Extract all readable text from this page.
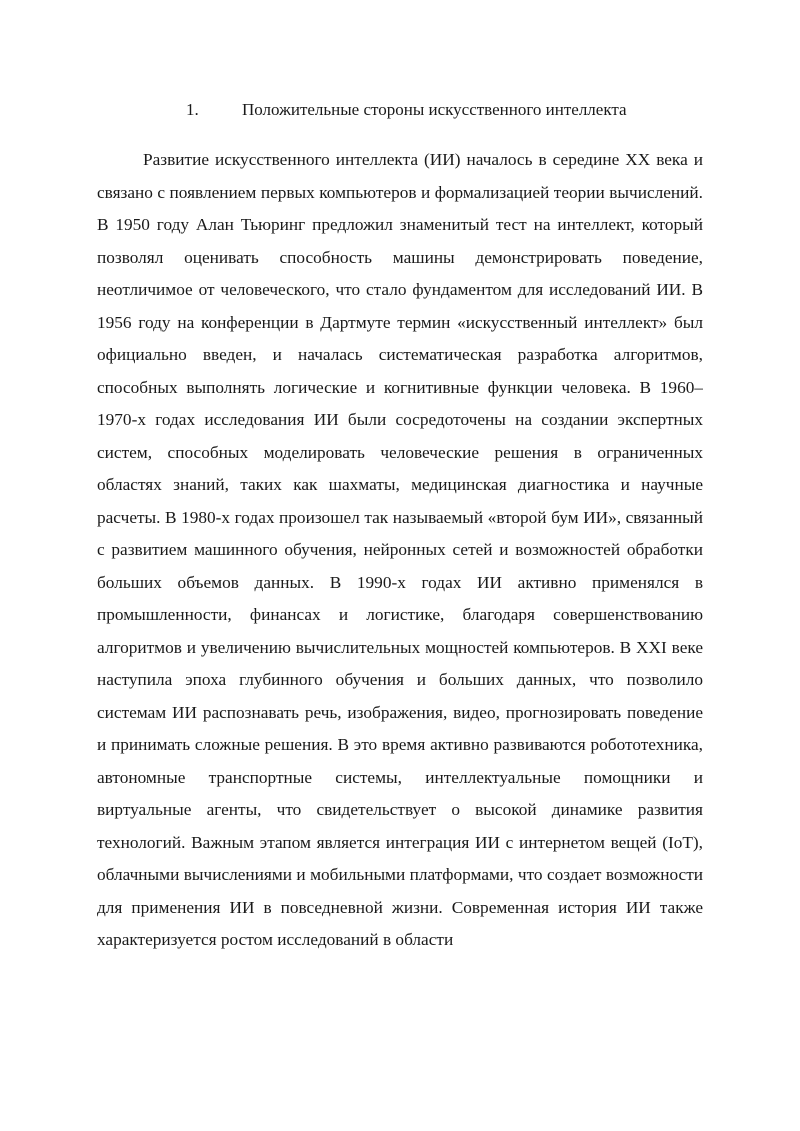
1.	Положительные стороны искусственного интеллекта

Развитие искусственного интеллекта (ИИ) началось в середине XX века и связано с появлением первых компьютеров и формализацией теории вычислений. В 1950 году Алан Тьюринг предложил знаменитый тест на интеллект, который позволял оценивать способность машины демонстрировать поведение, неотличимое от человеческого, что стало фундаментом для исследований ИИ. В 1956 году на конференции в Дартмуте термин «искусственный интеллект» был официально введен, и началась систематическая разработка алгоритмов, способных выполнять логические и когнитивные функции человека. В 1960–1970-х годах исследования ИИ были сосредоточены на создании экспертных систем, способных моделировать человеческие решения в ограниченных областях знаний, таких как шахматы, медицинская диагностика и научные расчеты. В 1980-х годах произошел так называемый «второй бум ИИ», связанный с развитием машинного обучения, нейронных сетей и возможностей обработки больших объемов данных. В 1990-х годах ИИ активно применялся в промышленности, финансах и логистике, благодаря совершенствованию алгоритмов и увеличению вычислительных мощностей компьютеров. В XXI веке наступила эпоха глубинного обучения и больших данных, что позволило системам ИИ распознавать речь, изображения, видео, прогнозировать поведение и принимать сложные решения. В это время активно развиваются робототехника, автономные транспортные системы, интеллектуальные помощники и виртуальные агенты, что свидетельствует о высокой динамике развития технологий. Важным этапом является интеграция ИИ с интернетом вещей (IoT), облачными вычислениями и мобильными платформами, что создает возможности для применения ИИ в повседневной жизни. Современная история ИИ также характеризуется ростом исследований в области
